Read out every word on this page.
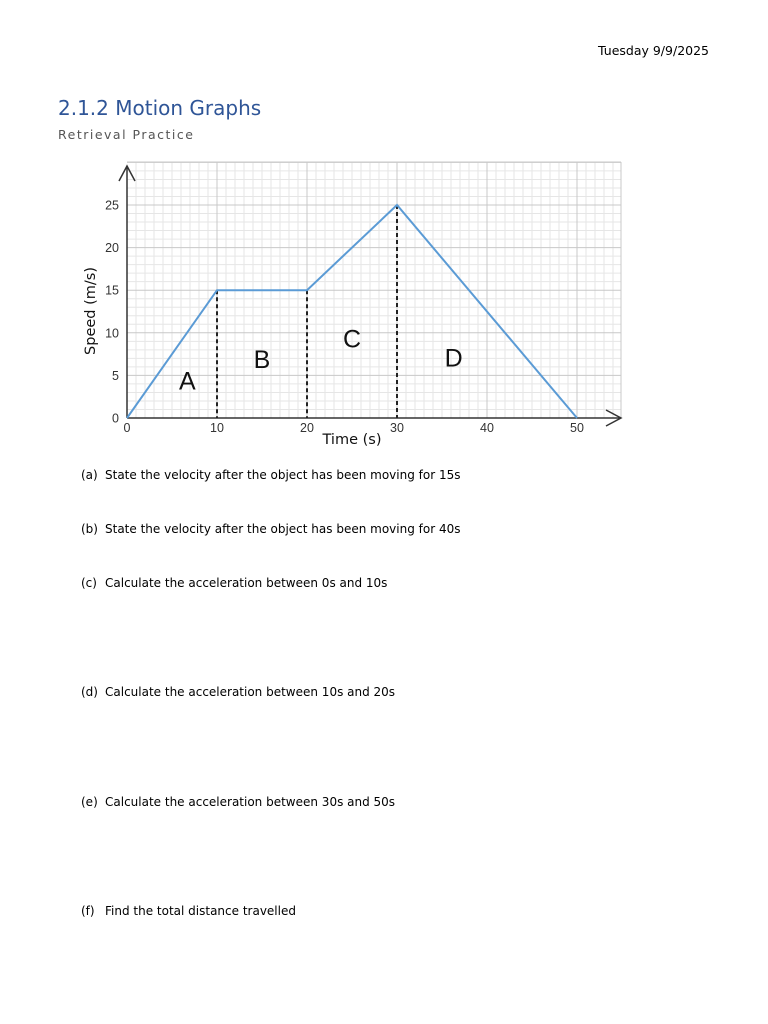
Tuesday 9/9/2025
2.1.2 Motion Graphs
Retrieval Practice
0	10	20	30	40	50
0
5
10
15
20
25
Time (s)
Speed (m/s)
A
B
C
D
(a) State the velocity after the object has been moving for 15s
(b) State the velocity after the object has been moving for 40s
(c) Calculate the acceleration between 0s and 10s
(d) Calculate the acceleration between 10s and 20s
(e) Calculate the acceleration between 30s and 50s
(f) Find the total distance travelled
